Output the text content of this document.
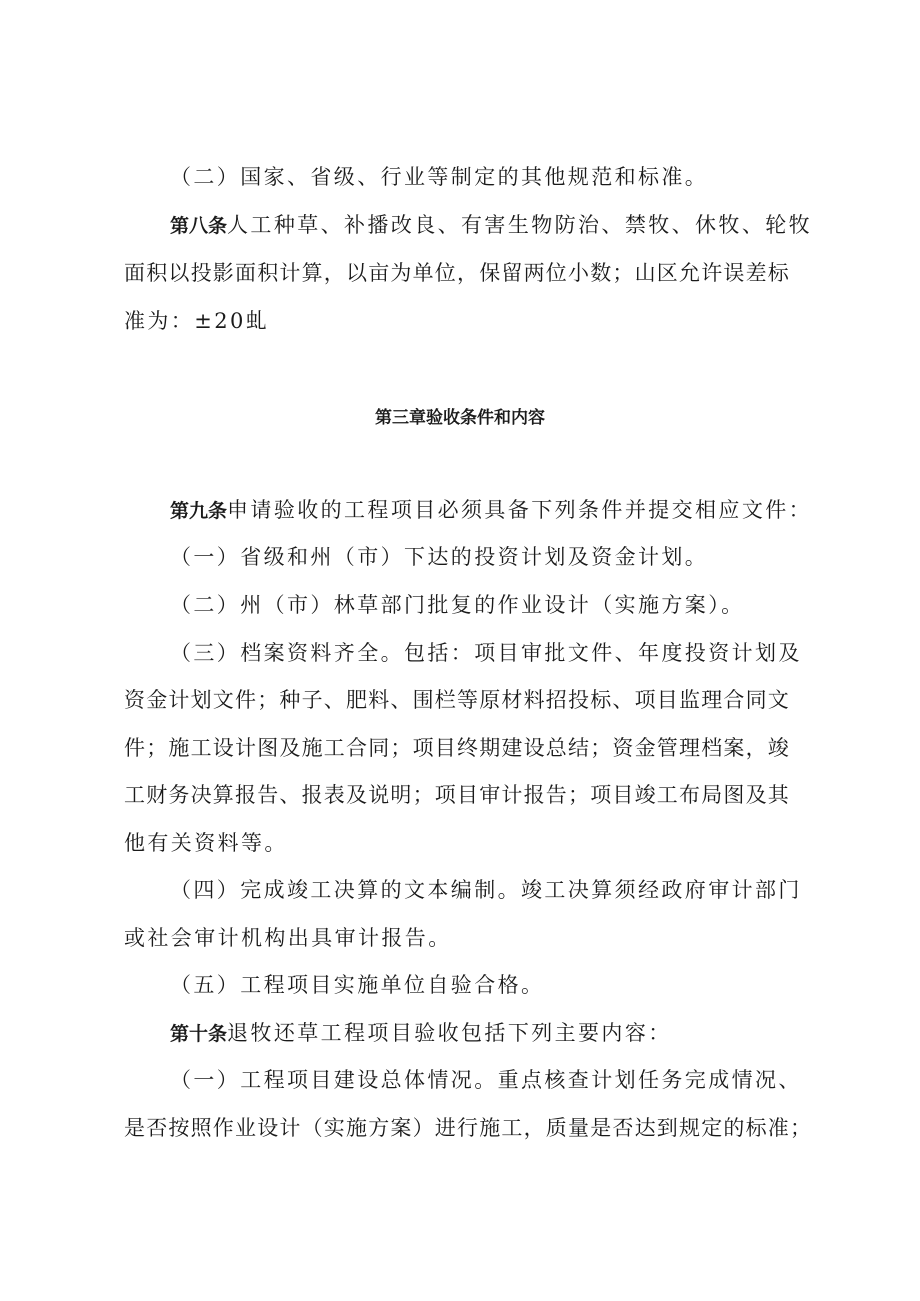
（二）国家、省级、行业等制定的其他规范和标准。
第八条人工种草、补播改良、有害生物防治、禁牧、休牧、轮牧
面积以投影面积计算，以亩为单位，保留两位小数；山区允许误差标
准为：±20虬
第三章验收条件和内容
第九条申请验收的工程项目必须具备下列条件并提交相应文件：
（一）省级和州（市）下达的投资计划及资金计划。
（二）州（市）林草部门批复的作业设计（实施方案）。
（三）档案资料齐全。包括：项目审批文件、年度投资计划及
资金计划文件；种子、肥料、围栏等原材料招投标、项目监理合同文
件；施工设计图及施工合同；项目终期建设总结；资金管理档案，竣
工财务决算报告、报表及说明；项目审计报告；项目竣工布局图及其
他有关资料等。
（四）完成竣工决算的文本编制。竣工决算须经政府审计部门
或社会审计机构出具审计报告。
（五）工程项目实施单位自验合格。
第十条退牧还草工程项目验收包括下列主要内容：
（一）工程项目建设总体情况。重点核查计划任务完成情况、
是否按照作业设计（实施方案）进行施工，质量是否达到规定的标准；
